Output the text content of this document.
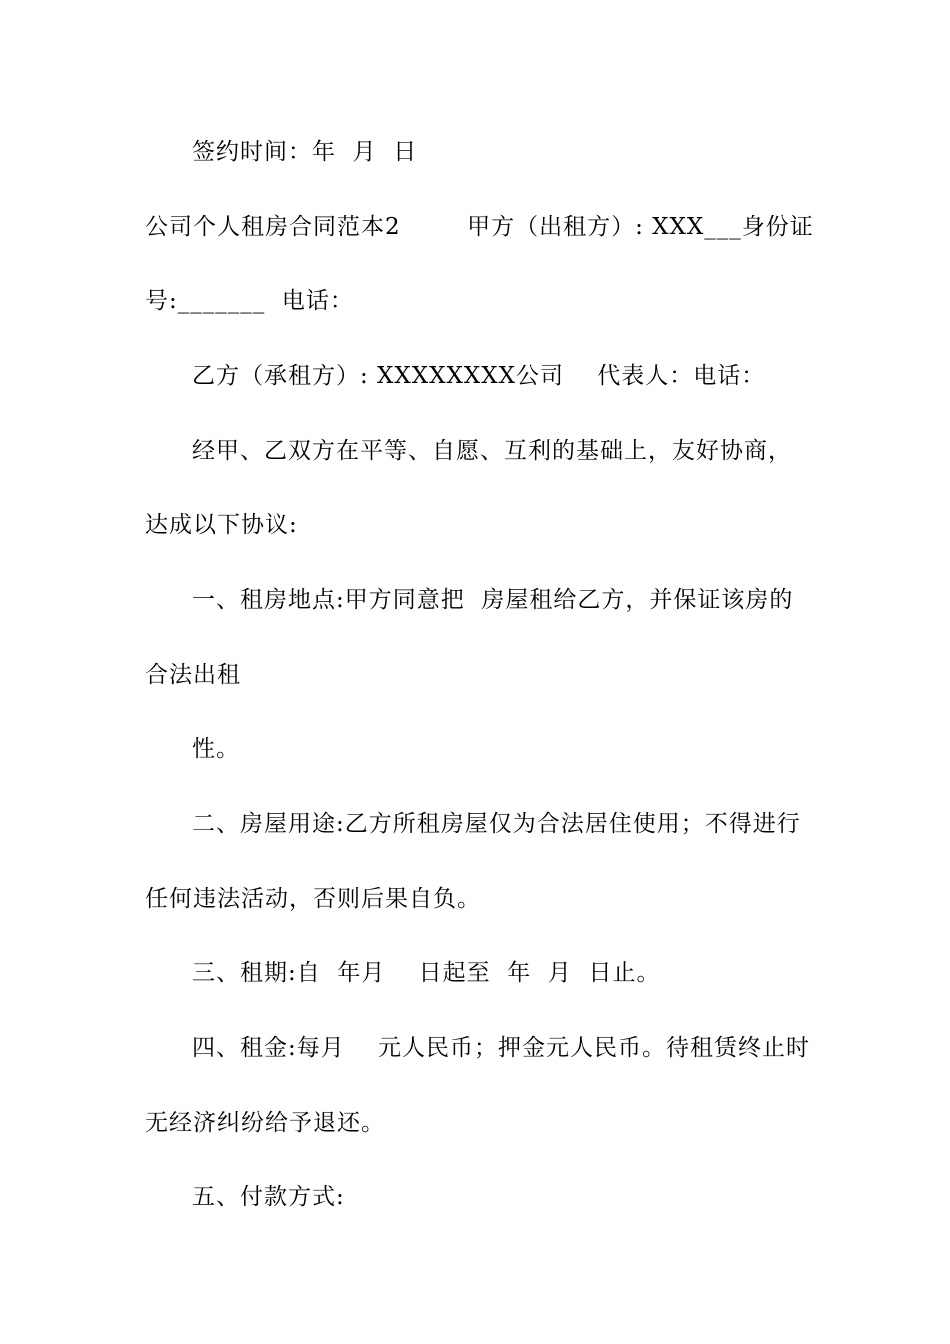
签约时间：年  月  日
公司个人租房合同范本2        甲方（出租方）: XXX___身份证
号:_______  电话：
乙方（承租方）: XXXXXXXX公司    代表人：电话：
经甲、乙双方在平等、自愿、互利的基础上，友好协商，
达成以下协议:
一、租房地点:甲方同意把  房屋租给乙方，并保证该房的
合法出租
性。
二、房屋用途:乙方所租房屋仅为合法居住使用；不得进行
任何违法活动，否则后果自负。
三、租期:自  年月    日起至  年  月  日止。
四、租金:每月    元人民币；押金元人民币。待租赁终止时
无经济纠纷给予退还。
五、付款方式:
